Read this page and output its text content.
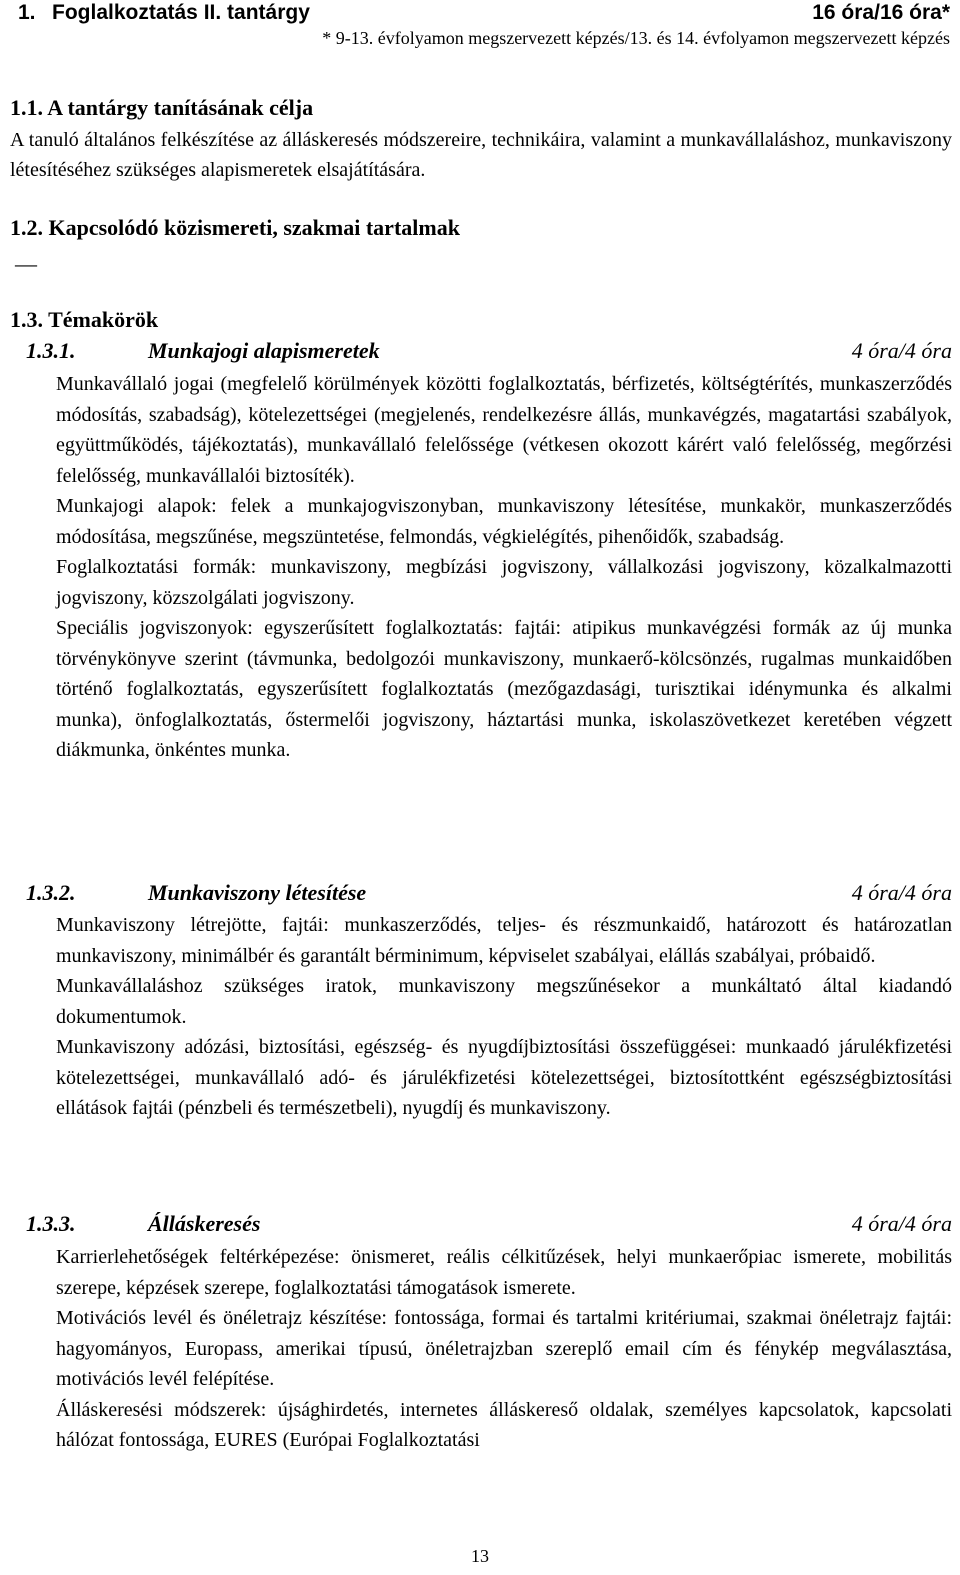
1. Foglalkoztatás II. tantárgy	16 óra/16 óra*
* 9-13. évfolyamon megszervezett képzés/13. és 14. évfolyamon megszervezett képzés
1.1. A tantárgy tanításának célja
A tanuló általános felkészítése az álláskeresés módszereire, technikáira, valamint a munkavállaláshoz, munkaviszony létesítéséhez szükséges alapismeretek elsajátítására.
1.2. Kapcsolódó közismereti, szakmai tartalmak
—
1.3. Témakörök
1.3.1.	Munkajogi alapismeretek	4 óra/4 óra

Munkavállaló jogai (megfelelő körülmények közötti foglalkoztatás, bérfizetés, költségtérítés, munkaszerződés módosítás, szabadság), kötelezettségei (megjelenés, rendelkezésre állás, munkavégzés, magatartási szabályok, együttműködés, tájékoztatás), munkavállaló felelőssége (vétkesen okozott kárért való felelősség, megőrzési felelősség, munkavállalói biztosíték).

Munkajogi alapok: felek a munkajogviszonyban, munkaviszony létesítése, munkakör, munkaszerződés módosítása, megszűnése, megszüntetése, felmondás, végkielégítés, pihenőidők, szabadság.

Foglalkoztatási formák: munkaviszony, megbízási jogviszony, vállalkozási jogviszony, közalkalmazotti jogviszony, közszolgálati jogviszony.

Speciális jogviszonyok: egyszerűsített foglalkoztatás: fajtái: atipikus munkavégzési formák az új munka törvénykönyve szerint (távmunka, bedolgozói munkaviszony, munkaerő-kölcsönzés, rugalmas munkaidőben történő foglalkoztatás, egyszerűsített foglalkoztatás (mezőgazdasági, turisztikai idénymunka és alkalmi munka), önfoglalkoztatás, őstermelői jogviszony, háztartási munka, iskolaszövetkezet keretében végzett diákmunka, önkéntes munka.

1.3.2.	Munkaviszony létesítése	4 óra/4 óra

Munkaviszony létrejötte, fajtái: munkaszerződés, teljes- és részmunkaidő, határozott és határozatlan munkaviszony, minimálbér és garantált bérminimum, képviselet szabályai, elállás szabályai, próbaidő.

Munkavállaláshoz szükséges iratok, munkaviszony megszűnésekor a munkáltató által kiadandó dokumentumok.

Munkaviszony adózási, biztosítási, egészség- és nyugdíjbiztosítási összefüggései: munkaadó járulékfizetési kötelezettségei, munkavállaló adó- és járulékfizetési kötelezettségei, biztosítottként egészségbiztosítási ellátások fajtái (pénzbeli és természetbeli), nyugdíj és munkaviszony.

1.3.3.	Álláskeresés	4 óra/4 óra

Karrierlehetőségek feltérképezése: önismeret, reális célkitűzések, helyi munkaerőpiac ismerete, mobilitás szerepe, képzések szerepe, foglalkoztatási támogatások ismerete.

Motivációs levél és önéletrajz készítése: fontossága, formai és tartalmi kritériumai, szakmai önéletrajz fajtái: hagyományos, Europass, amerikai típusú, önéletrajzban szereplő email cím és fénykép megválasztása, motivációs levél felépítése.

Álláskeresési módszerek: újsághirdetés, internetes álláskereső oldalak, személyes kapcsolatok, kapcsolati hálózat fontossága, EURES (Európai Foglalkoztatási

13
